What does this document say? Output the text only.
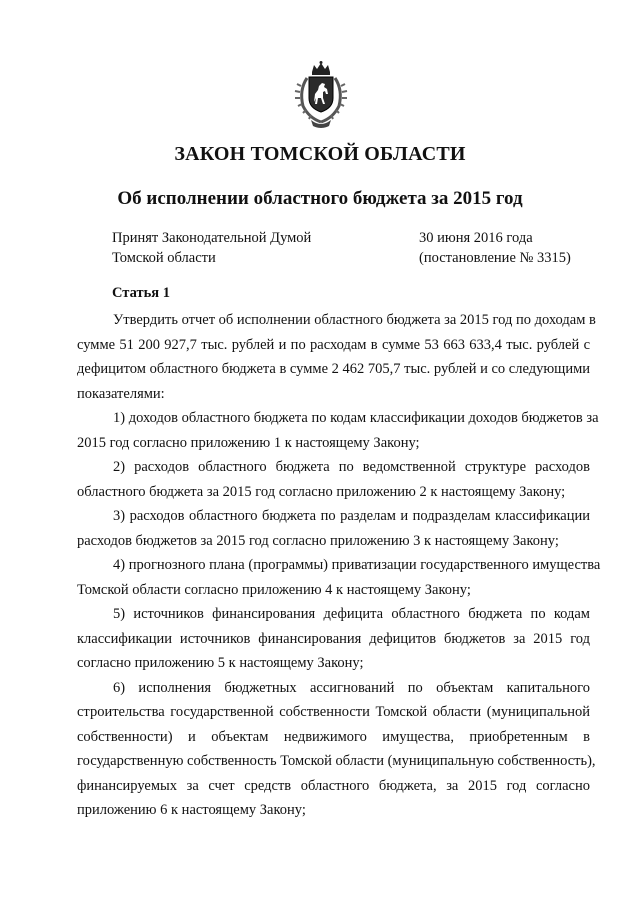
ЗАКОН ТОМСКОЙ ОБЛАСТИ
Об исполнении областного бюджета за 2015 год
Принят Законодательной Думой
Томской области
30 июня 2016 года
(постановление № 3315)
Статья 1
Утвердить отчет об исполнении областного бюджета за 2015 год по доходам в
сумме 51 200 927,7 тыс. рублей и по расходам в сумме 53 663 633,4 тыс. рублей с
дефицитом областного бюджета в сумме 2 462 705,7 тыс. рублей и со следующими
показателями:
1) доходов областного бюджета по кодам классификации доходов бюджетов за
2015 год согласно приложению 1 к настоящему Закону;
2) расходов областного бюджета по ведомственной структуре расходов
областного бюджета за 2015 год согласно приложению 2 к настоящему Закону;
3) расходов областного бюджета по разделам и подразделам классификации
расходов бюджетов за 2015 год согласно приложению 3 к настоящему Закону;
4) прогнозного плана (программы) приватизации государственного имущества
Томской области согласно приложению 4 к настоящему Закону;
5) источников финансирования дефицита областного бюджета по кодам
классификации источников финансирования дефицитов бюджетов за 2015 год
согласно приложению 5 к настоящему Закону;
6) исполнения бюджетных ассигнований по объектам капитального
строительства государственной собственности Томской области (муниципальной
собственности) и объектам недвижимого имущества, приобретенным в
государственную собственность Томской области (муниципальную собственность),
финансируемых за счет средств областного бюджета, за 2015 год согласно
приложению 6 к настоящему Закону;
